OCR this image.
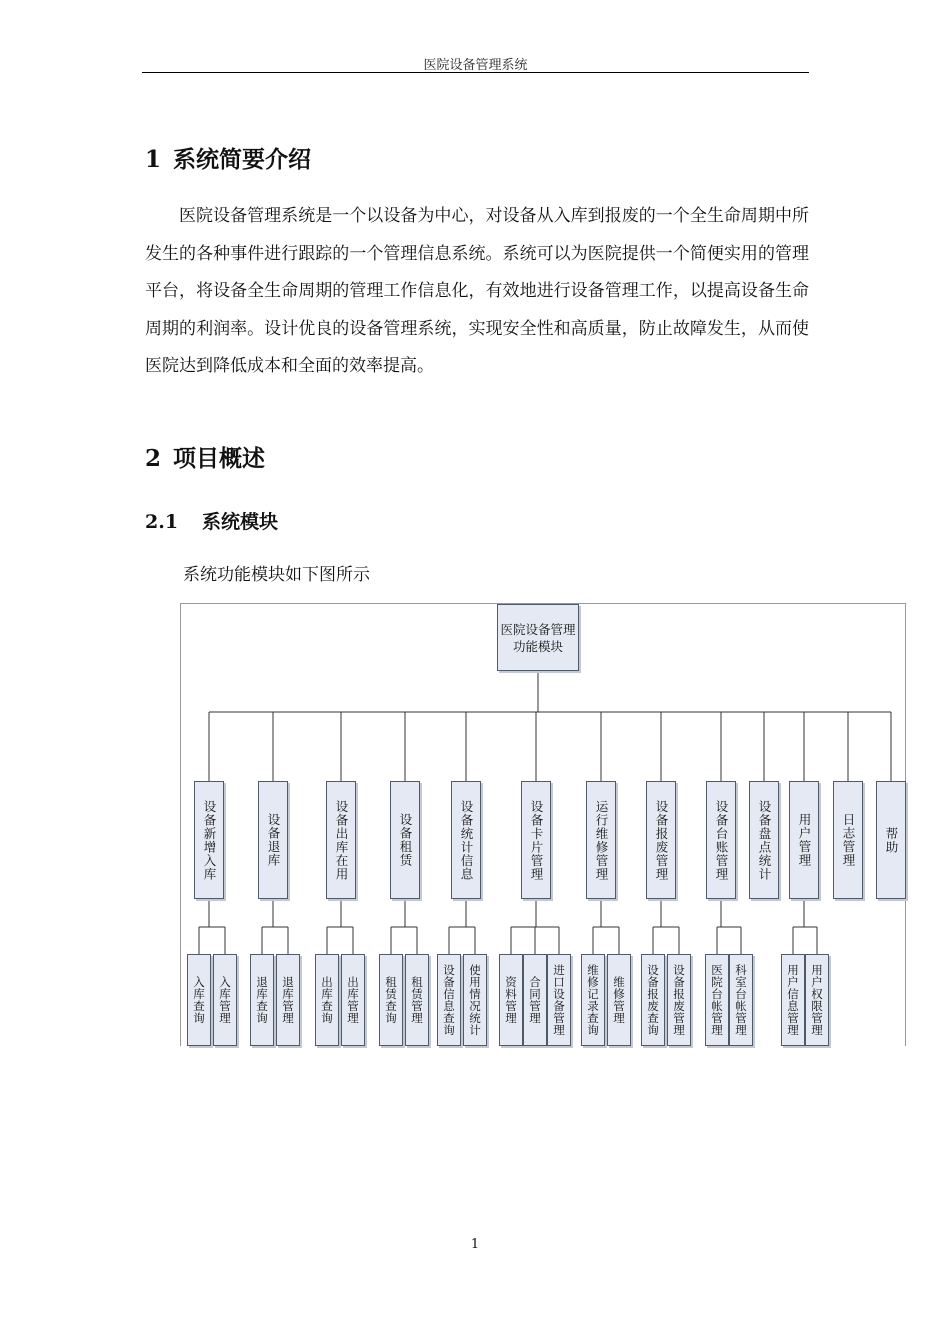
医院设备管理系统
1 系统简要介绍

医院设备管理系统是一个以设备为中心，对设备从入库到报废的一个全生命周期中所发生的各种事件进行跟踪的一个管理信息系统。系统可以为医院提供一个简便实用的管理平台，将设备全生命周期的管理工作信息化，有效地进行设备管理工作，以提高设备生命周期的利润率。设计优良的设备管理系统，实现安全性和高质量，防止故障发生，从而使医院达到降低成本和全面的效率提高。

2 项目概述
2.1 系统模块
系统功能模块如下图所示
医院设备管理功能模块
设备新增入库
入库查询	入库管理
设备退库
退库查询	退库管理
设备出库在用
出库查询	出库管理
设备租赁
租赁查询	租赁管理
设备统计信息
设备信息查询	使用情况统计
设备卡片管理
资料管理 合同管理 进口设备管理
运行维修管理
维修记录查询	维修管理
设备报废管理
设备报废查询	设备报废管理
设备台账管理
医院台帐管理 科室台帐管理
设备盘点统计	用户管理
用户信息管理 用户权限管理
日志管理	帮助
1
